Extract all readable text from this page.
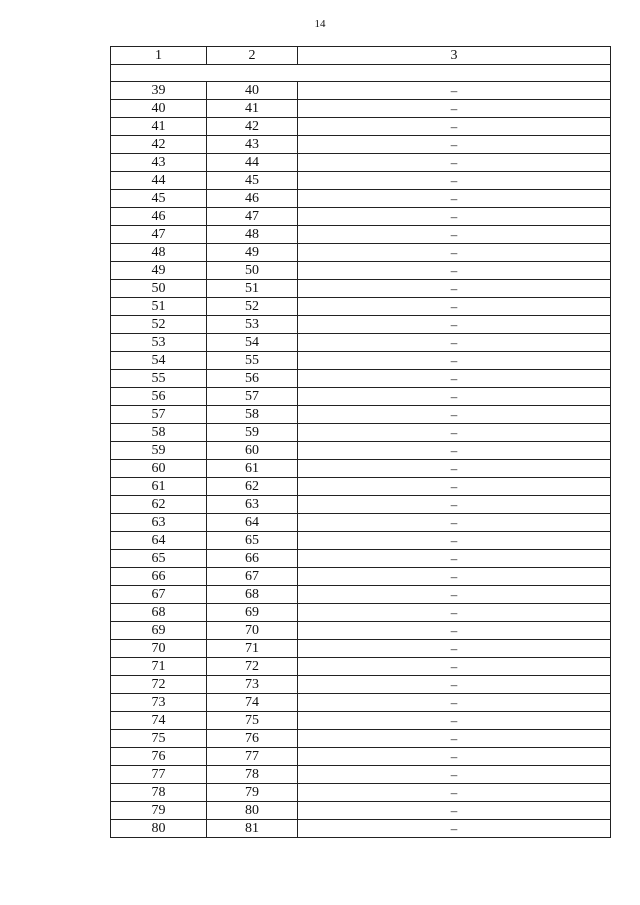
14
1	2	3

39	40	–
40	41	–
41	42	–
42	43	–
43	44	–
44	45	–
45	46	–
46	47	–
47	48	–
48	49	–
49	50	–
50	51	–
51	52	–
52	53	–
53	54	–
54	55	–
55	56	–
56	57	–
57	58	–
58	59	–
59	60	–
60	61	–
61	62	–
62	63	–
63	64	–
64	65	–
65	66	–
66	67	–
67	68	–
68	69	–
69	70	–
70	71	–
71	72	–
72	73	–
73	74	–
74	75	–
75	76	–
76	77	–
77	78	–
78	79	–
79	80	–
80	81	–
